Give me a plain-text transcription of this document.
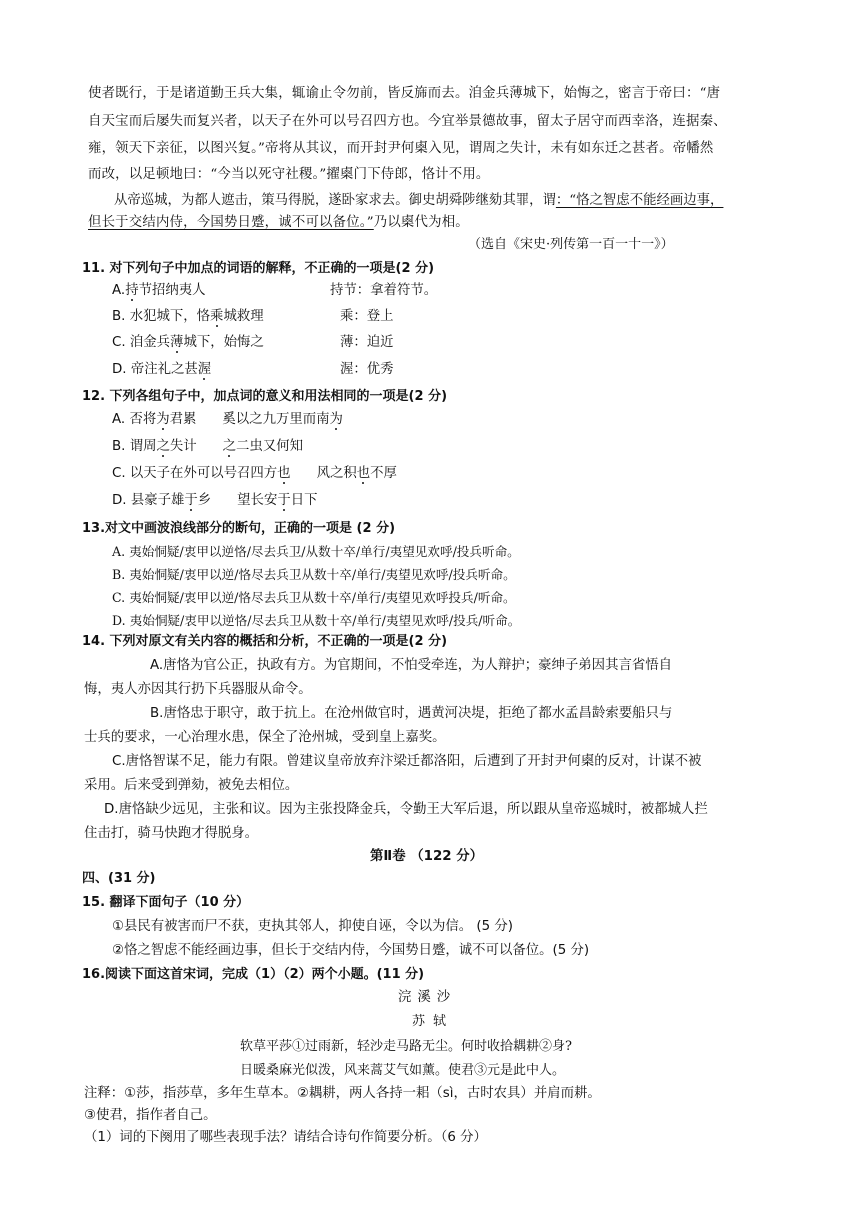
使者既行，于是诸道勤王兵大集，辄谕止令勿前，皆反旆而去。洎金兵薄城下，始悔之，密言于帝曰：“唐
自天宝而后屡失而复兴者，以天子在外可以号召四方也。今宜举景德故事，留太子居守而西幸洛，连据秦、
雍，领天下亲征，以图兴复。”帝将从其议，而开封尹何㮚入见，谓周之失计，未有如东迁之甚者。帝幡然
而改，以足顿地曰：“今当以死守社稷。”擢㮚门下侍郎，恪计不用。
从帝巡城，为都人遮击，策马得脱，遂卧家求去。御史胡舜陟继劾其罪，谓：“恪之智虑不能经画边事，
但长于交结内侍，今国势日蹙，诚不可以备位。”乃以㮚代为相。
（选自《宋史·列传第一百一十一》）
11. 对下列句子中加点的词语的解释，不正确的一项是(2 分)
A.持节招纳夷人	持节：拿着符节。
B. 水犯城下，恪乘城救理	乘：登上
C. 洎金兵薄城下，始悔之	薄：迫近
D. 帝注礼之甚渥	渥：优秀
12. 下列各组句子中，加点词的意义和用法相同的一项是(2 分)
A. 否将为君累 奚以之九万里而南为
B. 谓周之失计 之二虫又何知
C. 以天子在外可以号召四方也 风之积也不厚
D. 县豪子雄于乡 望长安于日下
13.对文中画波浪线部分的断句，正确的一项是 (2 分)
A. 夷始恫疑/衷甲以逆恪/尽去兵卫/从数十卒/单行/夷望见欢呼/投兵听命。
B. 夷始恫疑/衷甲以逆/恪尽去兵卫从数十卒/单行/夷望见欢呼/投兵听命。
C. 夷始恫疑/衷甲以逆/恪尽去兵卫从数十卒/单行/夷望见欢呼投兵/听命。
D. 夷始恫疑/衷甲以逆恪/尽去兵卫从数十卒/单行/夷望见欢呼/投兵/听命。
14. 下列对原文有关内容的概括和分析，不正确的一项是(2 分)
A.唐恪为官公正，执政有方。为官期间，不怕受牵连，为人辩护；豪绅子弟因其言省悟自
悔，夷人亦因其行扔下兵器服从命令。
B.唐恪忠于职守，敢于抗上。在沧州做官时，遇黄河决堤，拒绝了都水孟昌龄索要船只与
士兵的要求，一心治理水患，保全了沧州城，受到皇上嘉奖。
C.唐恪智谋不足，能力有限。曾建议皇帝放弃汴梁迁都洛阳，后遭到了开封尹何㮚的反对，计谋不被
采用。后来受到弹劾，被免去相位。
D.唐恪缺少远见，主张和议。因为主张投降金兵，令勤王大军后退，所以跟从皇帝巡城时，被都城人拦
住击打，骑马快跑才得脱身。
第Ⅱ卷 （122 分）
四、(31 分)
15. 翻译下面句子（10 分）
①县民有被害而尸不获，吏执其邻人，抑使自诬，令以为信。 (5 分)
②恪之智虑不能经画边事，但长于交结内侍，今国势日蹙，诚不可以备位。(5 分)
16.阅读下面这首宋词，完成（1）（2）两个小题。(11 分)
浣溪沙
苏轼
软草平莎①过雨新，轻沙走马路无尘。何时收拾耦耕②身?
日暖桑麻光似泼，风来蒿艾气如薰。使君③元是此中人。
注释：①莎，指莎草，多年生草本。②耦耕，两人各持一耜（sì，古时农具）并肩而耕。
③使君，指作者自己。
（1）词的下阕用了哪些表现手法？请结合诗句作简要分析。（6 分）
